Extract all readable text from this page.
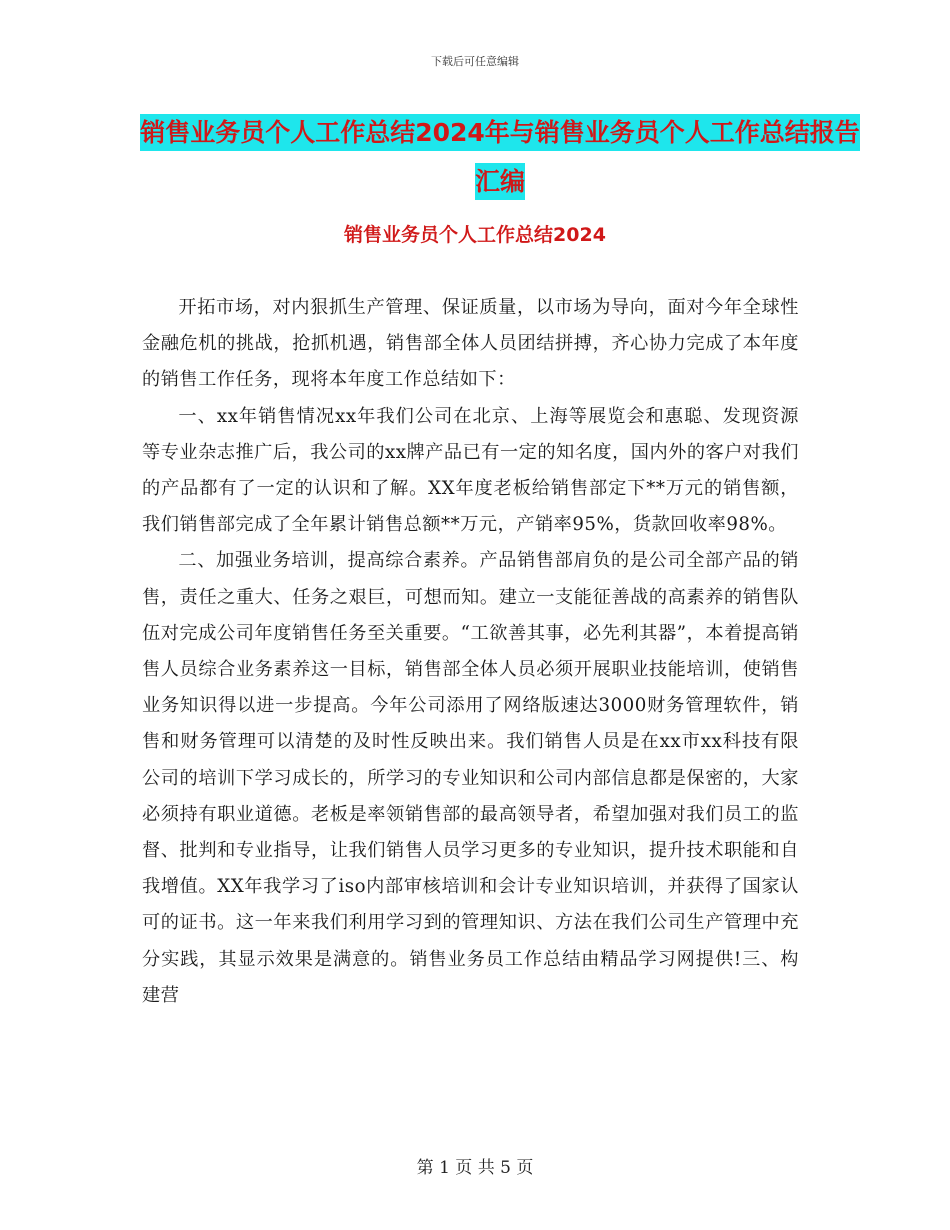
下载后可任意编辑
销售业务员个人工作总结2024年与销售业务员个人工作总结报告汇编
销售业务员个人工作总结2024

开拓市场，对内狠抓生产管理、保证质量，以市场为导向，面对今年全球性金融危机的挑战，抢抓机遇，销售部全体人员团结拼搏，齐心协力完成了本年度的销售工作任务，现将本年度工作总结如下：

一、xx年销售情况xx年我们公司在北京、上海等展览会和惠聪、发现资源等专业杂志推广后，我公司的xx牌产品已有一定的知名度，国内外的客户对我们的产品都有了一定的认识和了解。XX年度老板给销售部定下**万元的销售额，我们销售部完成了全年累计销售总额**万元，产销率95%，货款回收率98%。

二、加强业务培训，提高综合素养。产品销售部肩负的是公司全部产品的销售，责任之重大、任务之艰巨，可想而知。建立一支能征善战的高素养的销售队伍对完成公司年度销售任务至关重要。“工欲善其事，必先利其器”，本着提高销售人员综合业务素养这一目标，销售部全体人员必须开展职业技能培训，使销售业务知识得以进一步提高。今年公司添用了网络版速达3000财务管理软件，销售和财务管理可以清楚的及时性反映出来。我们销售人员是在xx市xx科技有限公司的培训下学习成长的，所学习的专业知识和公司内部信息都是保密的，大家必须持有职业道德。老板是率领销售部的最高领导者，希望加强对我们员工的监督、批判和专业指导，让我们销售人员学习更多的专业知识，提升技术职能和自我增值。XX年我学习了iso内部审核培训和会计专业知识培训，并获得了国家认可的证书。这一年来我们利用学习到的管理知识、方法在我们公司生产管理中充分实践，其显示效果是满意的。销售业务员工作总结由精品学习网提供!三、构建营

第 1 页 共 5 页
